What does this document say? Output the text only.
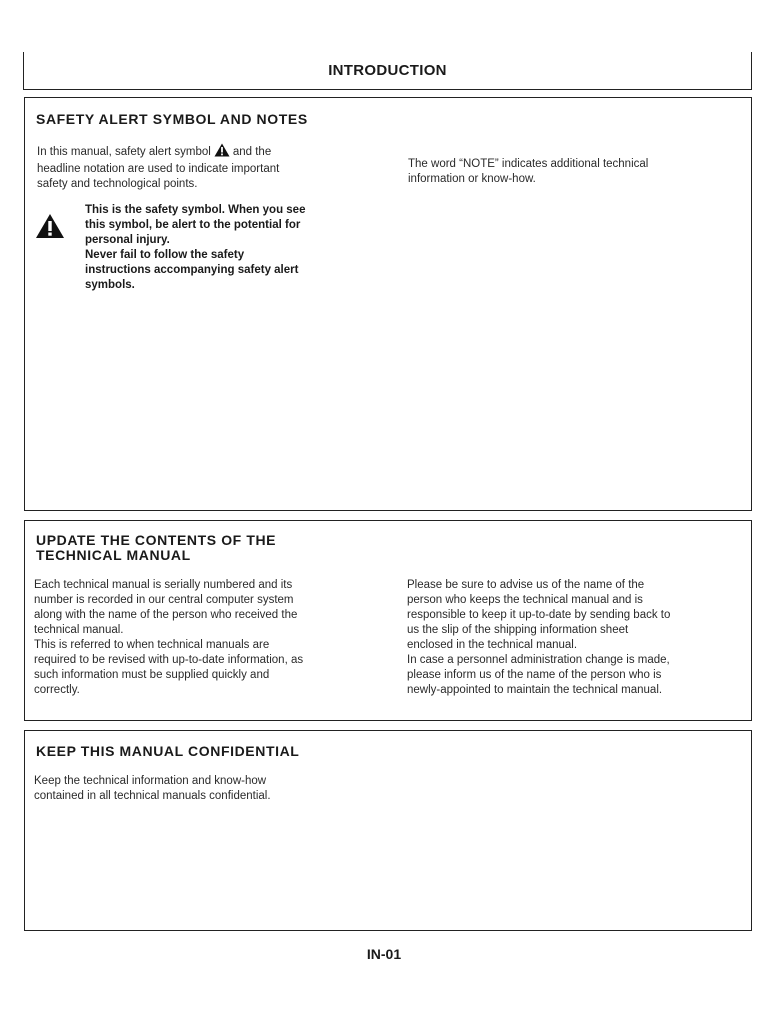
INTRODUCTION
SAFETY ALERT SYMBOL AND NOTES
In this manual, safety alert symbol and the
headline notation are used to indicate important
safety and technological points.
This is the safety symbol. When you see
this symbol, be alert to the potential for
personal injury.
Never fail to follow the safety
instructions accompanying safety alert
symbols.
The word “NOTE” indicates additional technical
information or know-how.
UPDATE THE CONTENTS OF THE
TECHNICAL MANUAL
Each technical manual is serially numbered and its
number is recorded in our central computer system
along with the name of the person who received the
technical manual.
This is referred to when technical manuals are
required to be revised with up-to-date information, as
such information must be supplied quickly and
correctly.
Please be sure to advise us of the name of the
person who keeps the technical manual and is
responsible to keep it up-to-date by sending back to
us the slip of the shipping information sheet
enclosed in the technical manual.
In case a personnel administration change is made,
please inform us of the name of the person who is
newly-appointed to maintain the technical manual.
KEEP THIS MANUAL CONFIDENTIAL
Keep the technical information and know-how
contained in all technical manuals confidential.
IN-01
